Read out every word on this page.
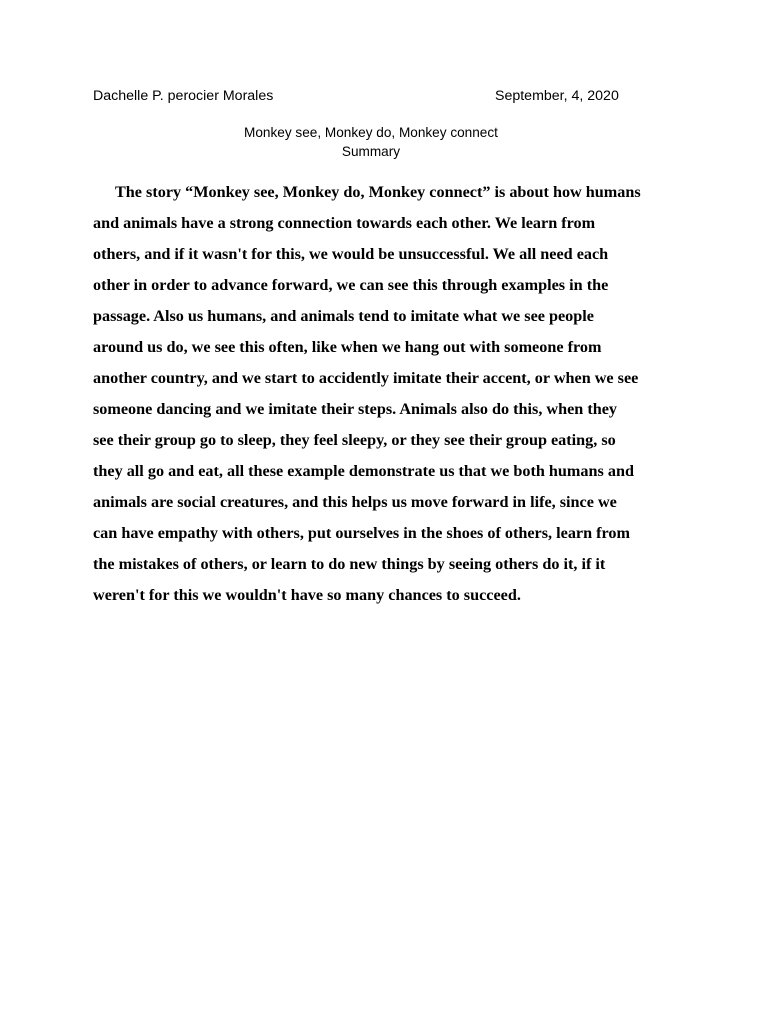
Dachelle P. perocier Morales	September, 4, 2020
Monkey see, Monkey do, Monkey connect
Summary
The story “Monkey see, Monkey do, Monkey connect” is about how humans
and animals have a strong connection towards each other. We learn from
others, and if it wasn't for this, we would be unsuccessful. We all need each
other in order to advance forward, we can see this through examples in the
passage. Also us humans, and animals tend to imitate what we see people
around us do, we see this often, like when we hang out with someone from
another country, and we start to accidently imitate their accent, or when we see
someone dancing and we imitate their steps. Animals also do this, when they
see their group go to sleep, they feel sleepy, or they see their group eating, so
they all go and eat, all these example demonstrate us that we both humans and
animals are social creatures, and this helps us move forward in life, since we
can have empathy with others, put ourselves in the shoes of others, learn from
the mistakes of others, or learn to do new things by seeing others do it, if it
weren't for this we wouldn't have so many chances to succeed.
